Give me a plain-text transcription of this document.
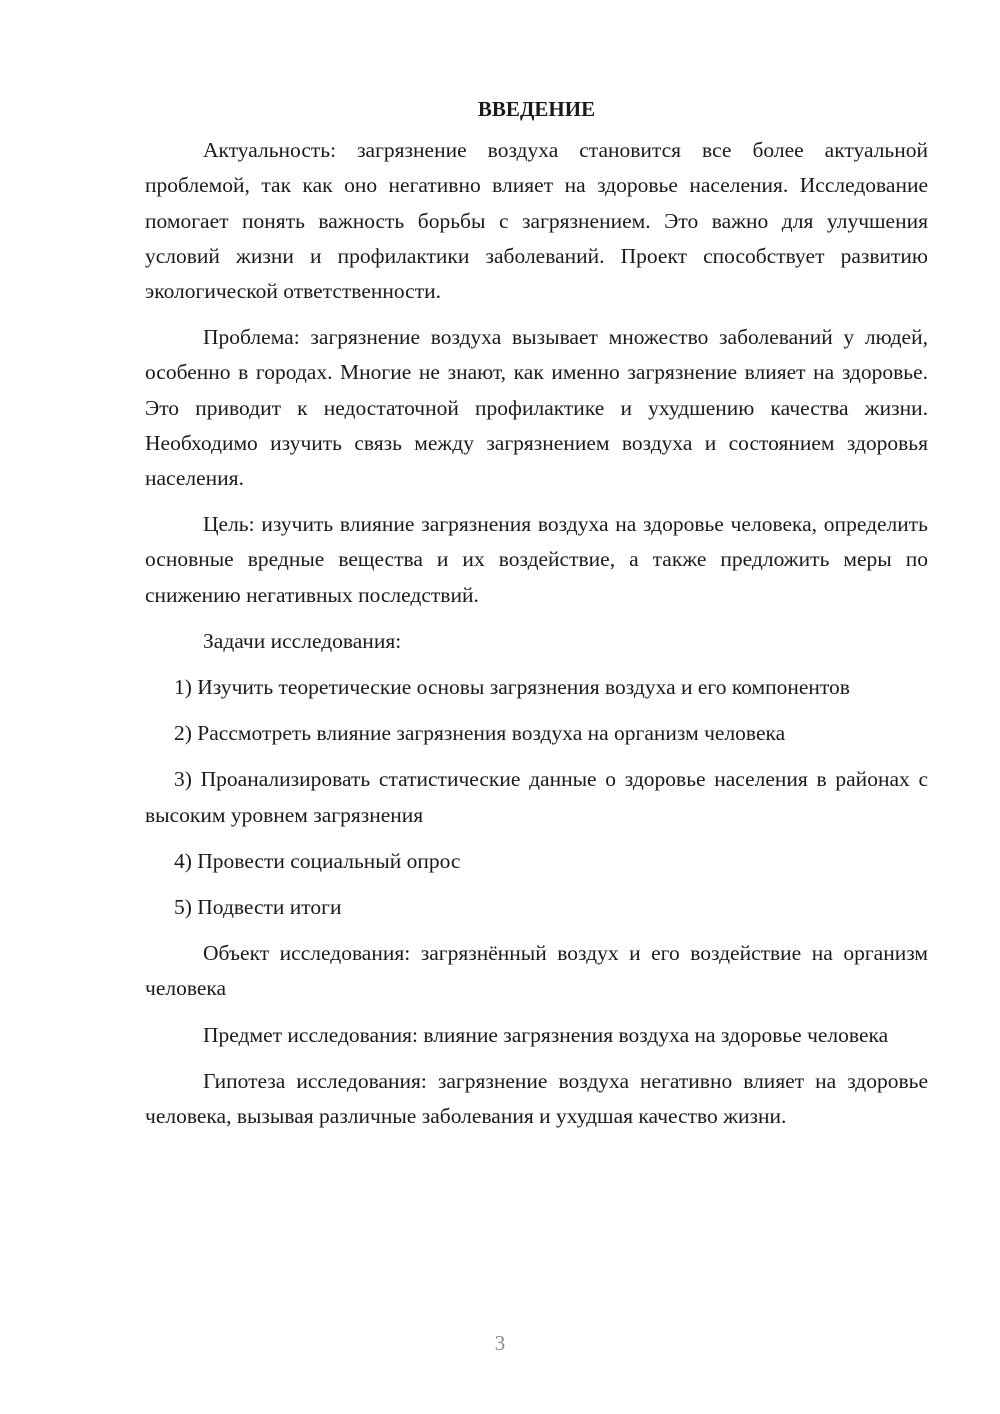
ВВЕДЕНИЕ

Актуальность: загрязнение воздуха становится все более актуальной проблемой, так как оно негативно влияет на здоровье населения. Исследование помогает понять важность борьбы с загрязнением. Это важно для улучшения условий жизни и профилактики заболеваний. Проект способствует развитию экологической ответственности.

Проблема: загрязнение воздуха вызывает множество заболеваний у людей, особенно в городах. Многие не знают, как именно загрязнение влияет на здоровье. Это приводит к недостаточной профилактике и ухудшению качества жизни. Необходимо изучить связь между загрязнением воздуха и состоянием здоровья населения.

Цель: изучить влияние загрязнения воздуха на здоровье человека, определить основные вредные вещества и их воздействие, а также предложить меры по снижению негативных последствий.

Задачи исследования:

1) Изучить теоретические основы загрязнения воздуха и его компонентов

2) Рассмотреть влияние загрязнения воздуха на организм человека

3) Проанализировать статистические данные о здоровье населения в районах с высоким уровнем загрязнения

4) Провести социальный опрос

5) Подвести итоги

Объект исследования: загрязнённый воздух и его воздействие на организм человека

Предмет исследования: влияние загрязнения воздуха на здоровье человека

Гипотеза исследования: загрязнение воздуха негативно влияет на здоровье человека, вызывая различные заболевания и ухудшая качество жизни.

3
